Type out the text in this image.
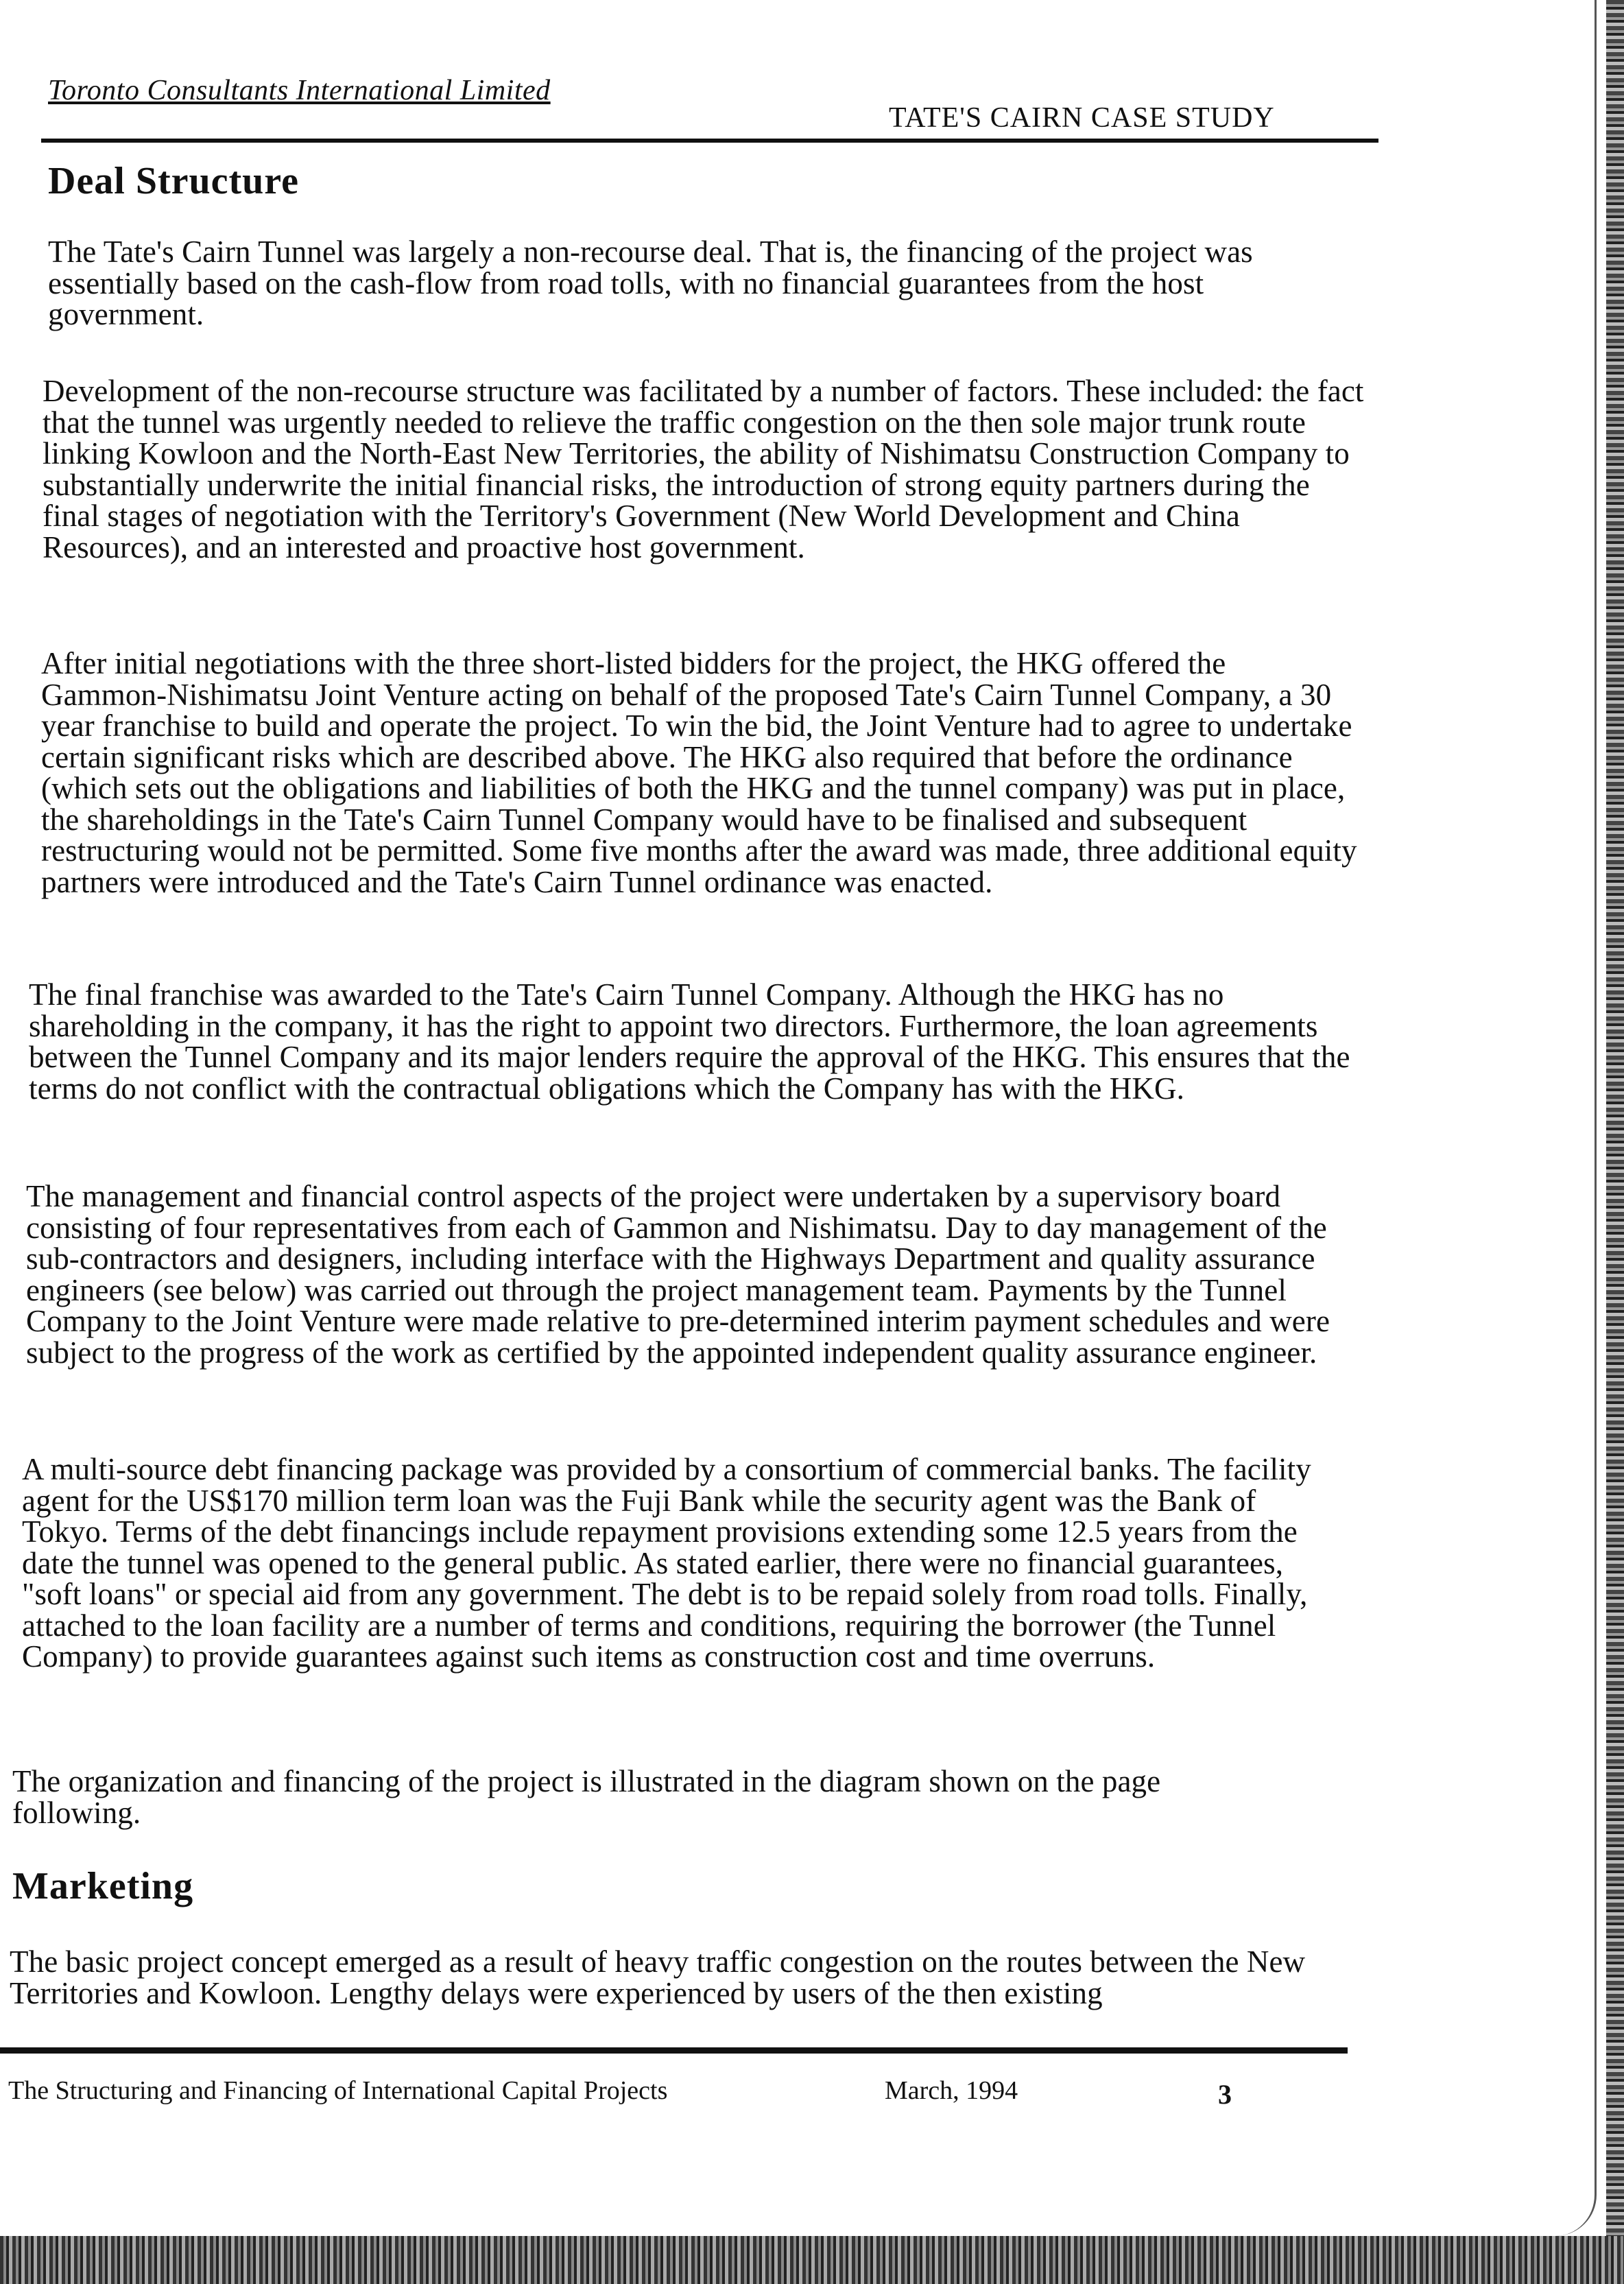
Toronto Consultants International Limited
TATE'S CAIRN CASE STUDY
Deal Structure
The Tate's Cairn Tunnel was largely a non-recourse deal. That is, the financing of the project was essentially based on the cash-flow from road tolls, with no financial guarantees from the host government.
Development of the non-recourse structure was facilitated by a number of factors. These included: the fact that the tunnel was urgently needed to relieve the traffic congestion on the then sole major trunk route linking Kowloon and the North-East New Territories, the ability of Nishimatsu Construction Company to substantially underwrite the initial financial risks, the introduction of strong equity partners during the final stages of negotiation with the Territory's Government (New World Development and China Resources), and an interested and proactive host government.
After initial negotiations with the three short-listed bidders for the project, the HKG offered the Gammon-Nishimatsu Joint Venture acting on behalf of the proposed Tate's Cairn Tunnel Company, a 30 year franchise to build and operate the project. To win the bid, the Joint Venture had to agree to undertake certain significant risks which are described above. The HKG also required that before the ordinance (which sets out the obligations and liabilities of both the HKG and the tunnel company) was put in place, the shareholdings in the Tate's Cairn Tunnel Company would have to be finalised and subsequent restructuring would not be permitted. Some five months after the award was made, three additional equity partners were introduced and the Tate's Cairn Tunnel ordinance was enacted.
The final franchise was awarded to the Tate's Cairn Tunnel Company. Although the HKG has no shareholding in the company, it has the right to appoint two directors. Furthermore, the loan agreements between the Tunnel Company and its major lenders require the approval of the HKG. This ensures that the terms do not conflict with the contractual obligations which the Company has with the HKG.
The management and financial control aspects of the project were undertaken by a supervisory board consisting of four representatives from each of Gammon and Nishimatsu. Day to day management of the sub-contractors and designers, including interface with the Highways Department and quality assurance engineers (see below) was carried out through the project management team. Payments by the Tunnel Company to the Joint Venture were made relative to pre-determined interim payment schedules and were subject to the progress of the work as certified by the appointed independent quality assurance engineer.
A multi-source debt financing package was provided by a consortium of commercial banks. The facility agent for the US$170 million term loan was the Fuji Bank while the security agent was the Bank of Tokyo. Terms of the debt financings include repayment provisions extending some 12.5 years from the date the tunnel was opened to the general public. As stated earlier, there were no financial guarantees, "soft loans" or special aid from any government. The debt is to be repaid solely from road tolls. Finally, attached to the loan facility are a number of terms and conditions, requiring the borrower (the Tunnel Company) to provide guarantees against such items as construction cost and time overruns.
The organization and financing of the project is illustrated in the diagram shown on the page following.
Marketing
The basic project concept emerged as a result of heavy traffic congestion on the routes between the New Territories and Kowloon. Lengthy delays were experienced by users of the then existing
The Structuring and Financing of International Capital Projects	March, 1994	3
